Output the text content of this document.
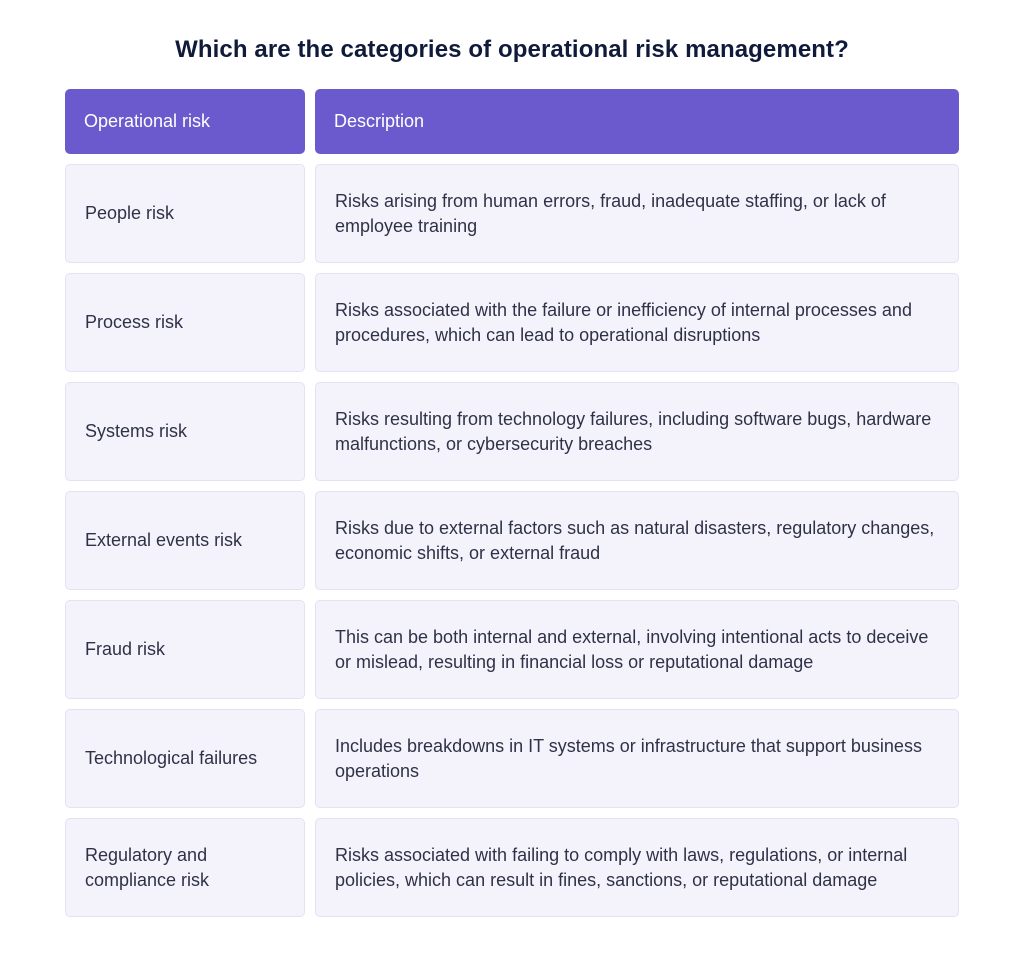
Which are the categories of operational risk management?
Operational risk	Description
People risk
Risks arising from human errors, fraud, inadequate staffing, or lack of employee training
Process risk
Risks associated with the failure or inefficiency of internal processes and procedures, which can lead to operational disruptions
Systems risk
Risks resulting from technology failures, including software bugs, hardware malfunctions, or cybersecurity breaches
External events risk
Risks due to external factors such as natural disasters, regulatory changes, economic shifts, or external fraud
Fraud risk
This can be both internal and external, involving intentional acts to deceive or mislead, resulting in financial loss or reputational damage
Technological failures
Includes breakdowns in IT systems or infrastructure that support business operations
Regulatory and compliance risk
Risks associated with failing to comply with laws, regulations, or internal policies, which can result in fines, sanctions, or reputational damage
